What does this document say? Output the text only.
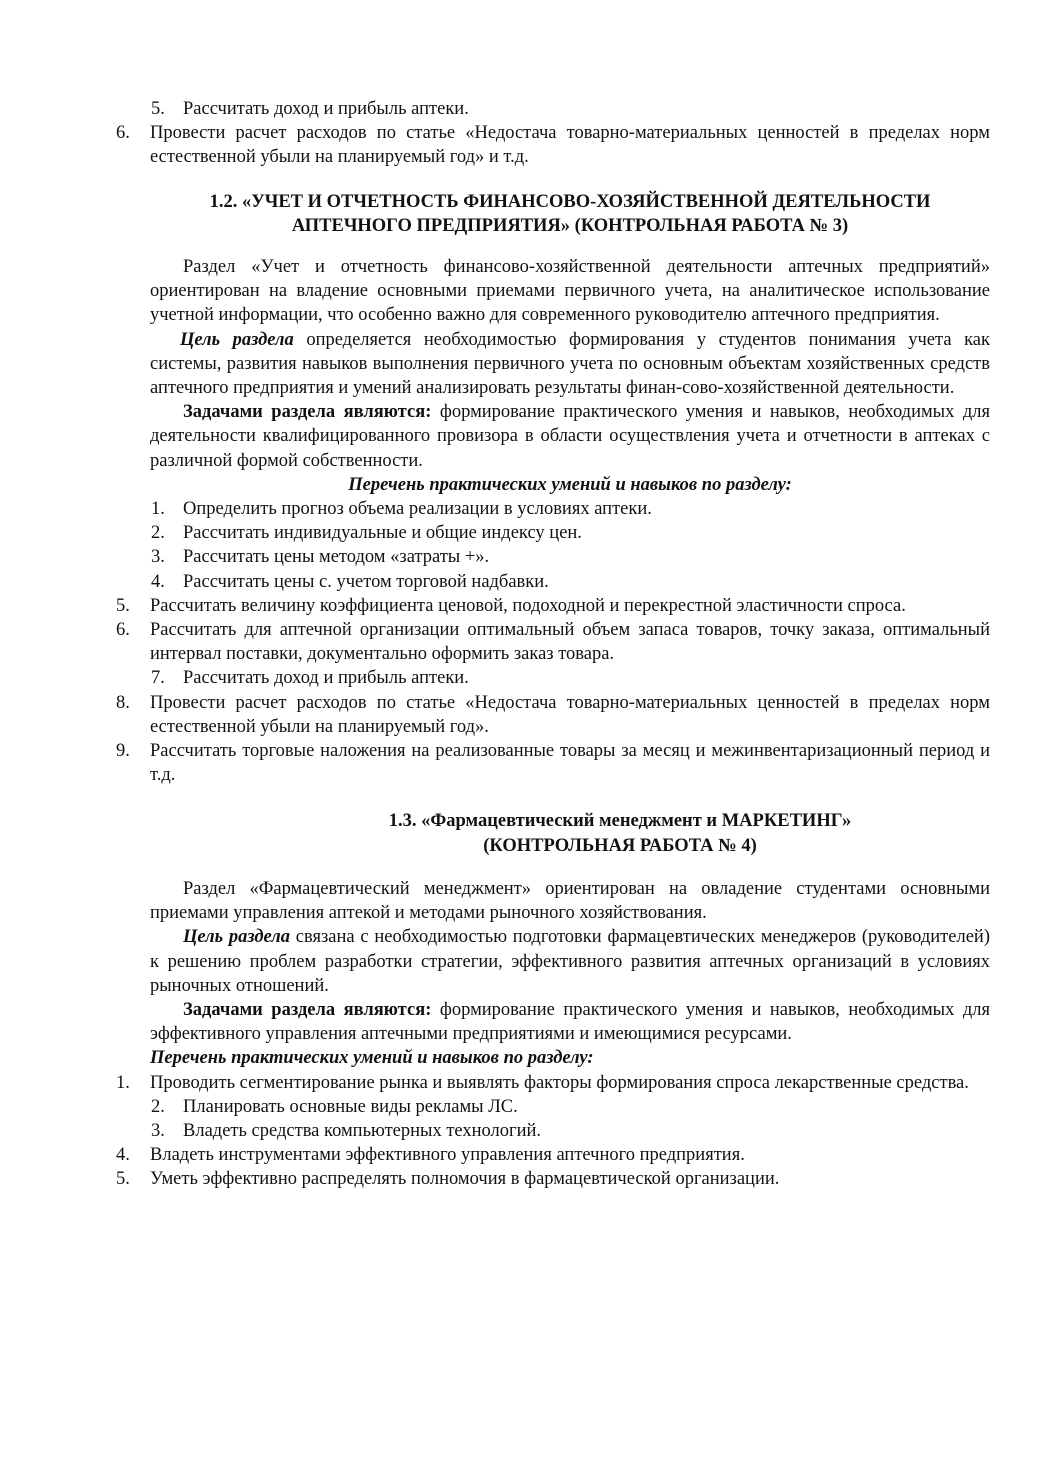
5. Рассчитать доход и прибыль аптеки.
6. Провести расчет расходов по статье «Недостача товарно-материальных ценностей в пределах норм естественной убыли на планируемый год» и т.д.
1.2. «УЧЕТ И ОТЧЕТНОСТЬ ФИНАНСОВО-ХОЗЯЙСТВЕННОЙ ДЕЯТЕЛЬНОСТИ
АПТЕЧНОГО ПРЕДПРИЯТИЯ» (КОНТРОЛЬНАЯ РАБОТА № 3)

Раздел «Учет и отчетность финансово-хозяйственной деятельности аптечных предприятий» ориентирован на владение основными приемами первичного учета, на аналитическое использование учетной информации, что особенно важно для современного руководителю аптечного предприятия.

Цель раздела определяется необходимостью формирования у студентов понимания учета как системы, развития навыков выполнения первичного учета по основным объектам хозяйственных средств аптечного предприятия и умений анализировать результаты финан-сово-хозяйственной деятельности.

Задачами раздела являются: формирование практического умения и навыков, необходимых для деятельности квалифицированного провизора в области осуществления учета и отчетности в аптеках с различной формой собственности.

Перечень практических умений и навыков по разделу:

1. Определить прогноз объема реализации в условиях аптеки.
2. Рассчитать индивидуальные и общие индексу цен.
3. Рассчитать цены методом «затраты +».
4. Рассчитать цены с. учетом торговой надбавки.
5. Рассчитать величину коэффициента ценовой, подоходной и перекрестной эластичности спроса.
6. Рассчитать для аптечной организации оптимальный объем запаса товаров, точку заказа, оптимальный интервал поставки, документально оформить заказ товара.
7. Рассчитать доход и прибыль аптеки.
8. Провести расчет расходов по статье «Недостача товарно-материальных ценностей в пределах норм естественной убыли на планируемый год».
9. Рассчитать торговые наложения на реализованные товары за месяц и межинвентаризационный период и т.д.
1.3. «Фармацевтический менеджмент и МАРКЕТИНГ»
(КОНТРОЛЬНАЯ РАБОТА № 4)

Раздел «Фармацевтический менеджмент» ориентирован на овладение студентами основными приемами управления аптекой и методами рыночного хозяйствования.

Цель раздела связана с необходимостью подготовки фармацевтических менеджеров (руководителей) к решению проблем разработки стратегии, эффективного развития аптечных организаций в условиях рыночных отношений.

Задачами раздела являются: формирование практического умения и навыков, необходимых для эффективного управления аптечными предприятиями и имеющимися ресурсами.

Перечень практических умений и навыков по разделу:

1. Проводить сегментирование рынка и выявлять факторы формирования спроса лекарственные средства.
2. Планировать основные виды рекламы ЛС.
3. Владеть средства компьютерных технологий.
4. Владеть инструментами эффективного управления аптечного предприятия.
5. Уметь эффективно распределять полномочия в фармацевтической организации.
